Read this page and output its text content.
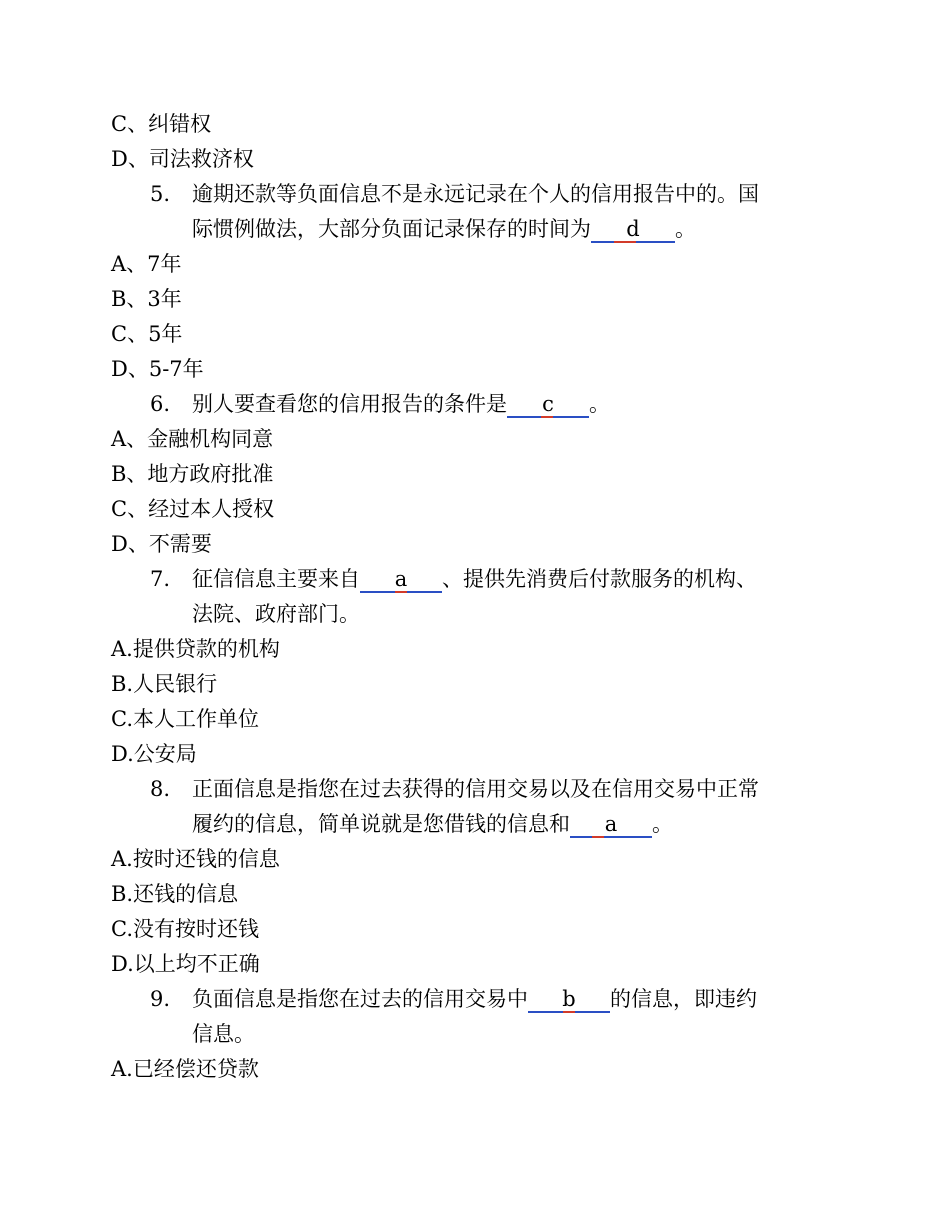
C、纠错权
D、司法救济权
5. 逾期还款等负面信息不是永远记录在个人的信用报告中的。国
际惯例做法，大部分负面记录保存的时间为 d 。
A、7年
B、3年
C、5年
D、5-7年
6. 别人要查看您的信用报告的条件是 c 。
A、金融机构同意
B、地方政府批准
C、经过本人授权
D、不需要
7. 征信信息主要来自 a 、提供先消费后付款服务的机构、
法院、政府部门。
A.提供贷款的机构
B.人民银行
C.本人工作单位
D.公安局
8. 正面信息是指您在过去获得的信用交易以及在信用交易中正常
履约的信息，简单说就是您借钱的信息和 a 。
A.按时还钱的信息
B.还钱的信息
C.没有按时还钱
D.以上均不正确
9. 负面信息是指您在过去的信用交易中 b 的信息，即违约
信息。
A.已经偿还贷款
